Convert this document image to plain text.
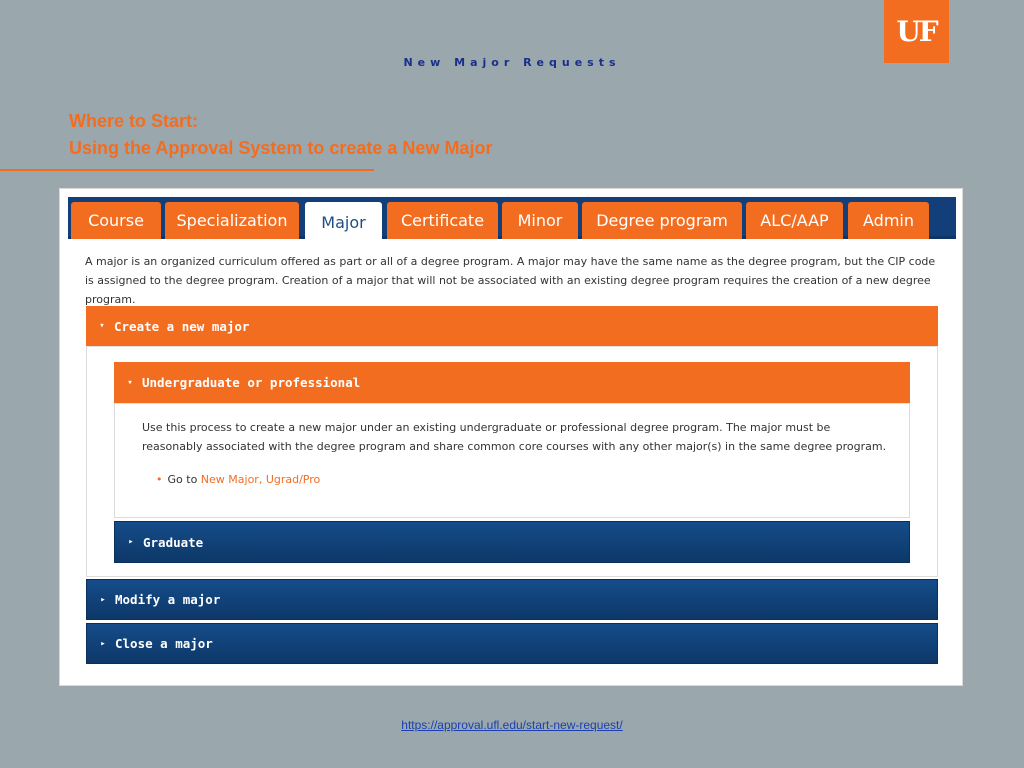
New Major Requests
UF
Where to Start:
Using the Approval System to create a New Major
Course	Specialization	Major	Certificate	Minor	Degree program	ALC/AAP	Admin
A major is an organized curriculum offered as part or all of a degree program. A major may have the same name as the degree program, but the CIP code is assigned to the degree program. Creation of a major that will not be associated with an existing degree program requires the creation of a new degree program.
▾ Create a new major
▾ Undergraduate or professional
Use this process to create a new major under an existing undergraduate or professional degree program. The major must be reasonably associated with the degree program and share common core courses with any other major(s) in the same degree program.
• Go to New Major, Ugrad/Pro
▸ Graduate
▸ Modify a major
▸ Close a major
https://approval.ufl.edu/start-new-request/
